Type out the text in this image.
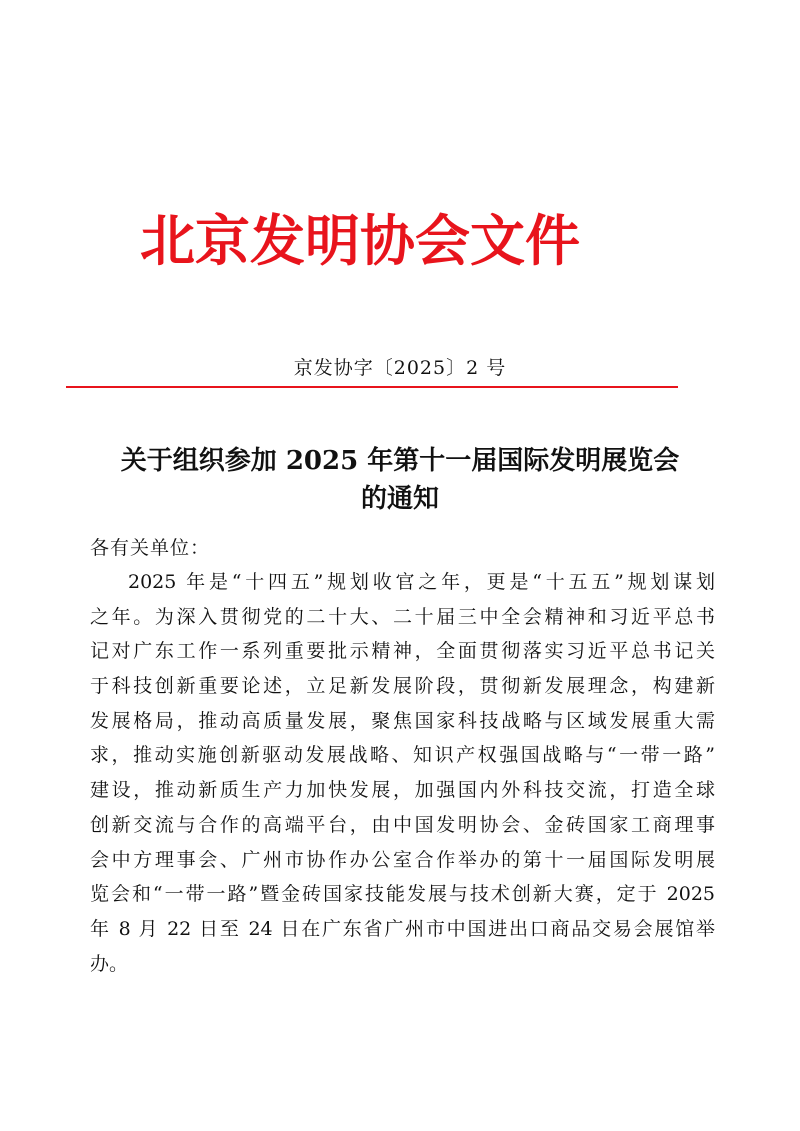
北京发明协会文件
京发协字〔2025〕2 号
关于组织参加 2025 年第十一届国际发明展览会
的通知
各有关单位：
2025 年是“十四五”规划收官之年，更是“十五五”规划谋划
之年。为深入贯彻党的二十大、二十届三中全会精神和习近平总书
记对广东工作一系列重要批示精神，全面贯彻落实习近平总书记关
于科技创新重要论述，立足新发展阶段，贯彻新发展理念，构建新
发展格局，推动高质量发展，聚焦国家科技战略与区域发展重大需
求，推动实施创新驱动发展战略、知识产权强国战略与“一带一路”
建设，推动新质生产力加快发展，加强国内外科技交流，打造全球
创新交流与合作的高端平台，由中国发明协会、金砖国家工商理事
会中方理事会、广州市协作办公室合作举办的第十一届国际发明展
览会和“一带一路”暨金砖国家技能发展与技术创新大赛，定于 2025
年 8 月 22 日至 24 日在广东省广州市中国进出口商品交易会展馆举
办。
